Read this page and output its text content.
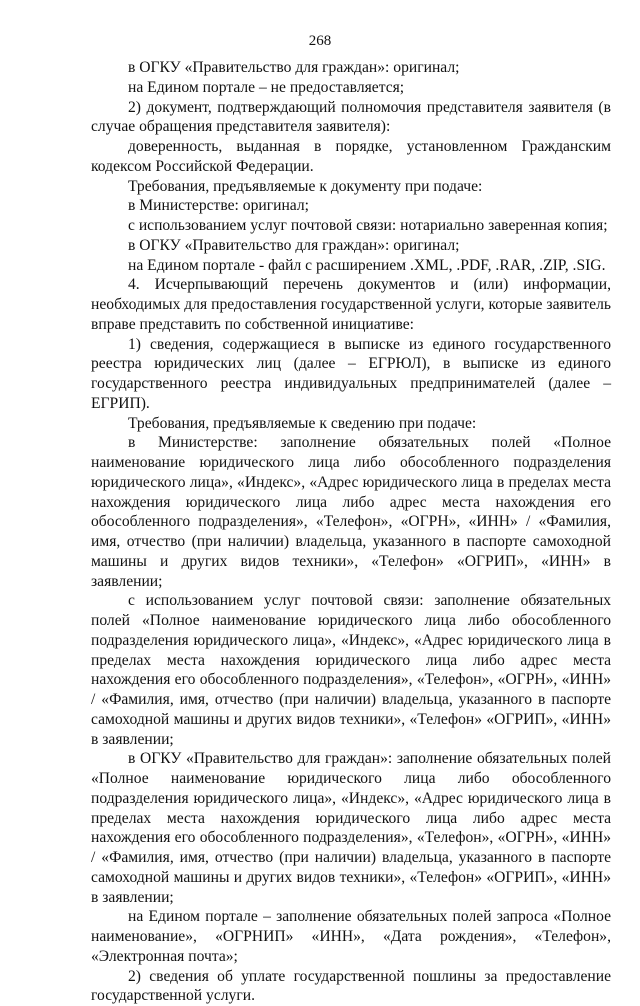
268

в ОГКУ «Правительство для граждан»: оригинал;

на Едином портале – не предоставляется;

2) документ, подтверждающий полномочия представителя заявителя (в случае обращения представителя заявителя):

доверенность, выданная в порядке, установленном Гражданским кодексом Российской Федерации.

Требования, предъявляемые к документу при подаче:

в Министерстве: оригинал;

с использованием услуг почтовой связи: нотариально заверенная копия;

в ОГКУ «Правительство для граждан»: оригинал;

на Едином портале - файл с расширением .XML, .PDF, .RAR, .ZIP, .SIG.

4. Исчерпывающий перечень документов и (или) информации, необходимых для предоставления государственной услуги, которые заявитель вправе представить по собственной инициативе:

1) сведения, содержащиеся в выписке из единого государственного реестра юридических лиц (далее – ЕГРЮЛ), в выписке из единого государственного реестра индивидуальных предпринимателей (далее – ЕГРИП).

Требования, предъявляемые к сведению при подаче:

в Министерстве: заполнение обязательных полей «Полное наименование юридического лица либо обособленного подразделения юридического лица», «Индекс», «Адрес юридического лица в пределах места нахождения юридического лица либо адрес места нахождения его обособленного подразделения», «Телефон», «ОГРН», «ИНН» / «Фамилия, имя, отчество (при наличии) владельца, указанного в паспорте самоходной машины и других видов техники», «Телефон» «ОГРИП», «ИНН» в заявлении;

с использованием услуг почтовой связи: заполнение обязательных полей «Полное наименование юридического лица либо обособленного подразделения юридического лица», «Индекс», «Адрес юридического лица в пределах места нахождения юридического лица либо адрес места нахождения его обособленного подразделения», «Телефон», «ОГРН», «ИНН» / «Фамилия, имя, отчество (при наличии) владельца, указанного в паспорте самоходной машины и других видов техники», «Телефон» «ОГРИП», «ИНН» в заявлении;

в ОГКУ «Правительство для граждан»: заполнение обязательных полей «Полное наименование юридического лица либо обособленного подразделения юридического лица», «Индекс», «Адрес юридического лица в пределах места нахождения юридического лица либо адрес места нахождения его обособленного подразделения», «Телефон», «ОГРН», «ИНН» / «Фамилия, имя, отчество (при наличии) владельца, указанного в паспорте самоходной машины и других видов техники», «Телефон» «ОГРИП», «ИНН» в заявлении;

на Едином портале – заполнение обязательных полей запроса «Полное наименование», «ОГРНИП» «ИНН», «Дата рождения», «Телефон», «Электронная почта»;

2) сведения об уплате государственной пошлины за предоставление государственной услуги.
